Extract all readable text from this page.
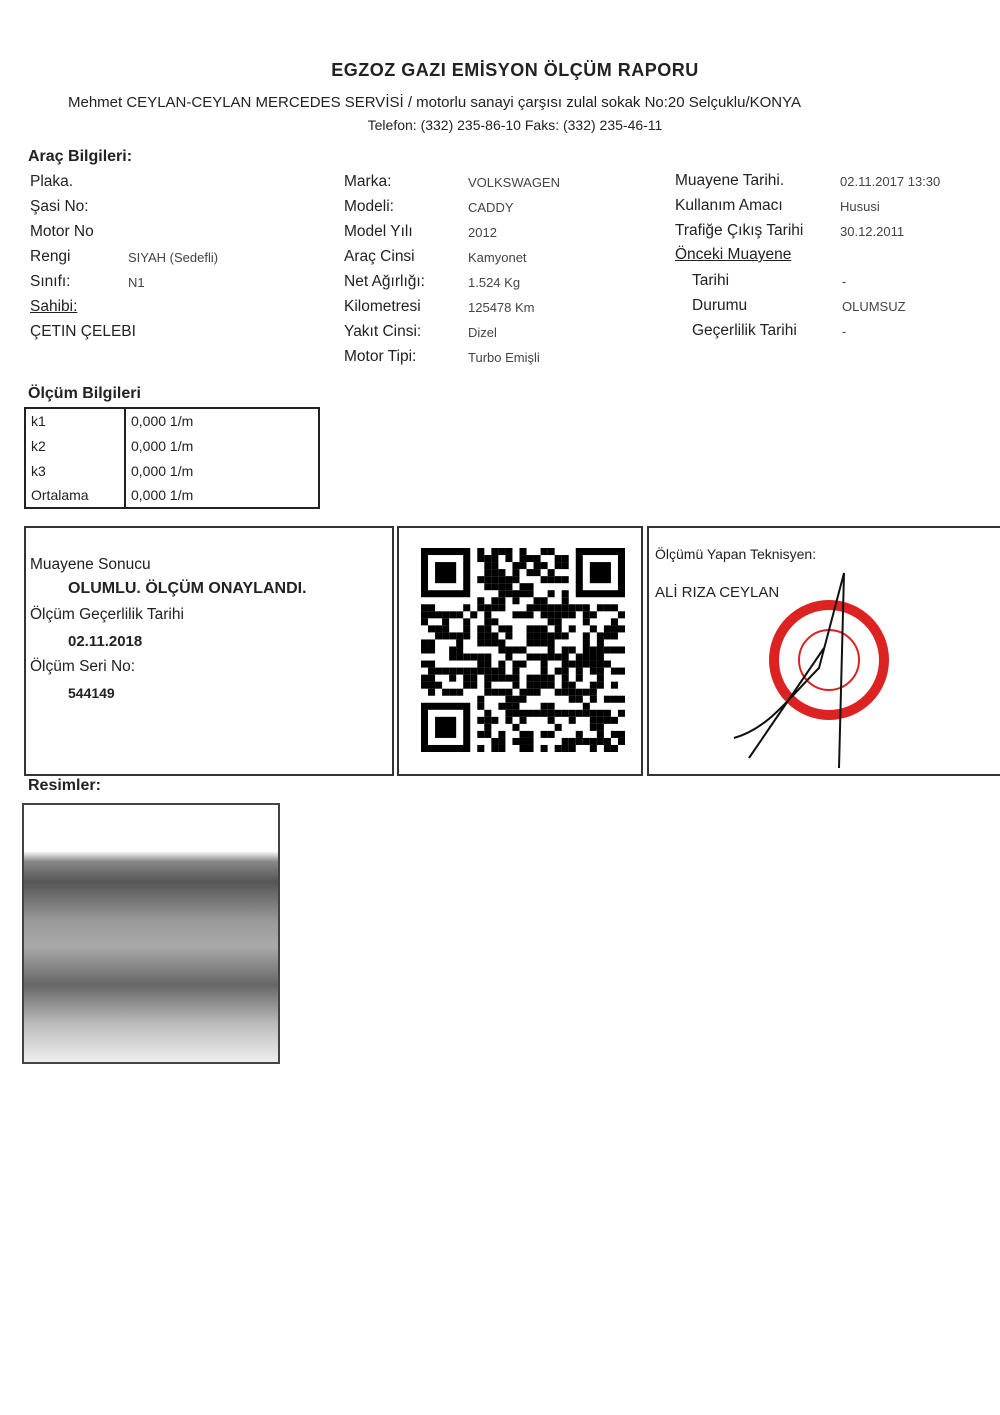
EGZOZ GAZI EMİSYON ÖLÇÜM RAPORU
Mehmet CEYLAN-CEYLAN MERCEDES SERVİSİ / motorlu sanayi çarşısı zulal sokak No:20 Selçuklu/KONYA
Telefon: (332) 235-86-10 Faks: (332) 235-46-11
Araç Bilgileri:
Plaka.
Şasi No:
Motor No
Rengi	SIYAH (Sedefli)
Sınıfı:	N1
Marka:	VOLKSWAGEN
Modeli:	CADDY
Model Yılı	2012
Araç Cinsi	Kamyonet
Net Ağırlığı:	1.524 Kg
Kilometresi	125478 Km
Yakıt Cinsi:	Dizel
Motor Tipi:	Turbo Emişli
Muayene Tarihi.	02.11.2017 13:30
Kullanım Amacı	Hususi
Trafiğe Çıkış Tarihi	30.12.2011
Tarihi	-
Durumu	OLUMSUZ
Geçerlilik Tarihi	-
Sahibi:
ÇETIN ÇELEBI
Önceki Muayene
Ölçüm Bilgileri
k1	0,000 1/m
k2	0,000 1/m
k3	0,000 1/m
Ortalama	0,000 1/m
Muayene Sonucu
OLUMLU. ÖLÇÜM ONAYLANDI.
Ölçüm Geçerlilik Tarihi
02.11.2018
Ölçüm Seri No:
544149
Ölçümü Yapan Teknisyen:
ALİ RIZA CEYLAN
Resimler:
